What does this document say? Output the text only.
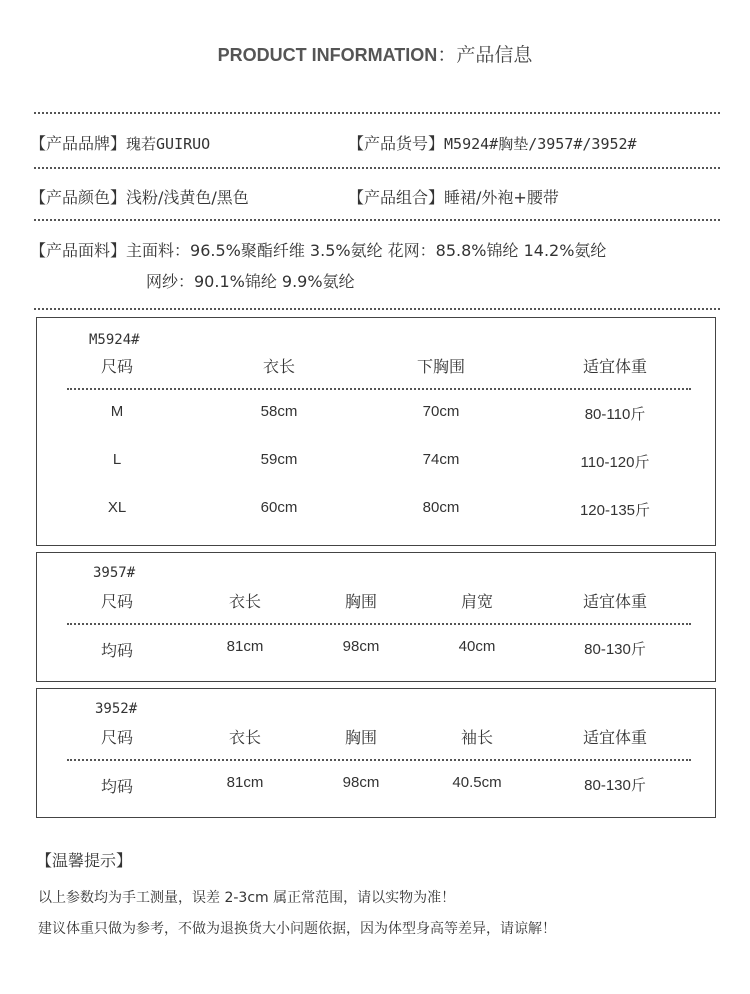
PRODUCT INFORMATION：产品信息
【产品品牌】瑰若GUIRUO	【产品货号】M5924#胸垫/3957#/3952#
【产品颜色】浅粉/浅黄色/黑色	【产品组合】睡裙/外袍+腰带
【产品面料】主面料：96.5%聚酯纤维 3.5%氨纶 花网：85.8%锦纶 14.2%氨纶
网纱：90.1%锦纶 9.9%氨纶
M5924#
尺码	衣长	下胸围	适宜体重
M	58cm	70cm	80-110斤
L	59cm	74cm	110-120斤
XL	60cm	80cm	120-135斤
3957#
尺码	衣长	胸围	肩宽	适宜体重
均码	81cm	98cm	40cm	80-130斤
3952#
尺码	衣长	胸围	袖长	适宜体重
均码	81cm	98cm	40.5cm	80-130斤
【温馨提示】
以上参数均为手工测量，误差 2-3cm 属正常范围，请以实物为准！
建议体重只做为参考，不做为退换货大小问题依据，因为体型身高等差异，请谅解！
